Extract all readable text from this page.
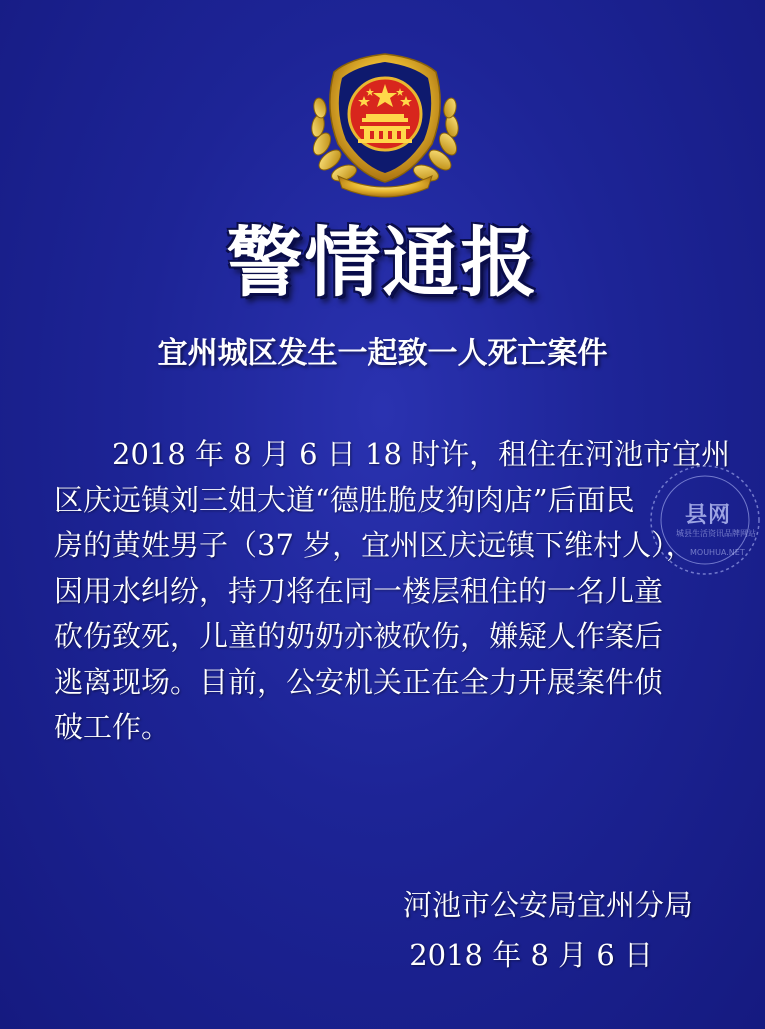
警情通报
宜州城区发生一起致一人死亡案件
2018 年 8 月 6 日 18 时许，租住在河池市宜州
区庆远镇刘三姐大道“德胜脆皮狗肉店”后面民
房的黄姓男子（37 岁，宜州区庆远镇下维村人），
因用水纠纷，持刀将在同一楼层租住的一名儿童
砍伤致死，儿童的奶奶亦被砍伤，嫌疑人作案后
逃离现场。目前，公安机关正在全力开展案件侦
破工作。
河池市公安局宜州分局
2018 年 8 月 6 日
县网
城县生活资讯品牌网站
MOUHUA.NET
